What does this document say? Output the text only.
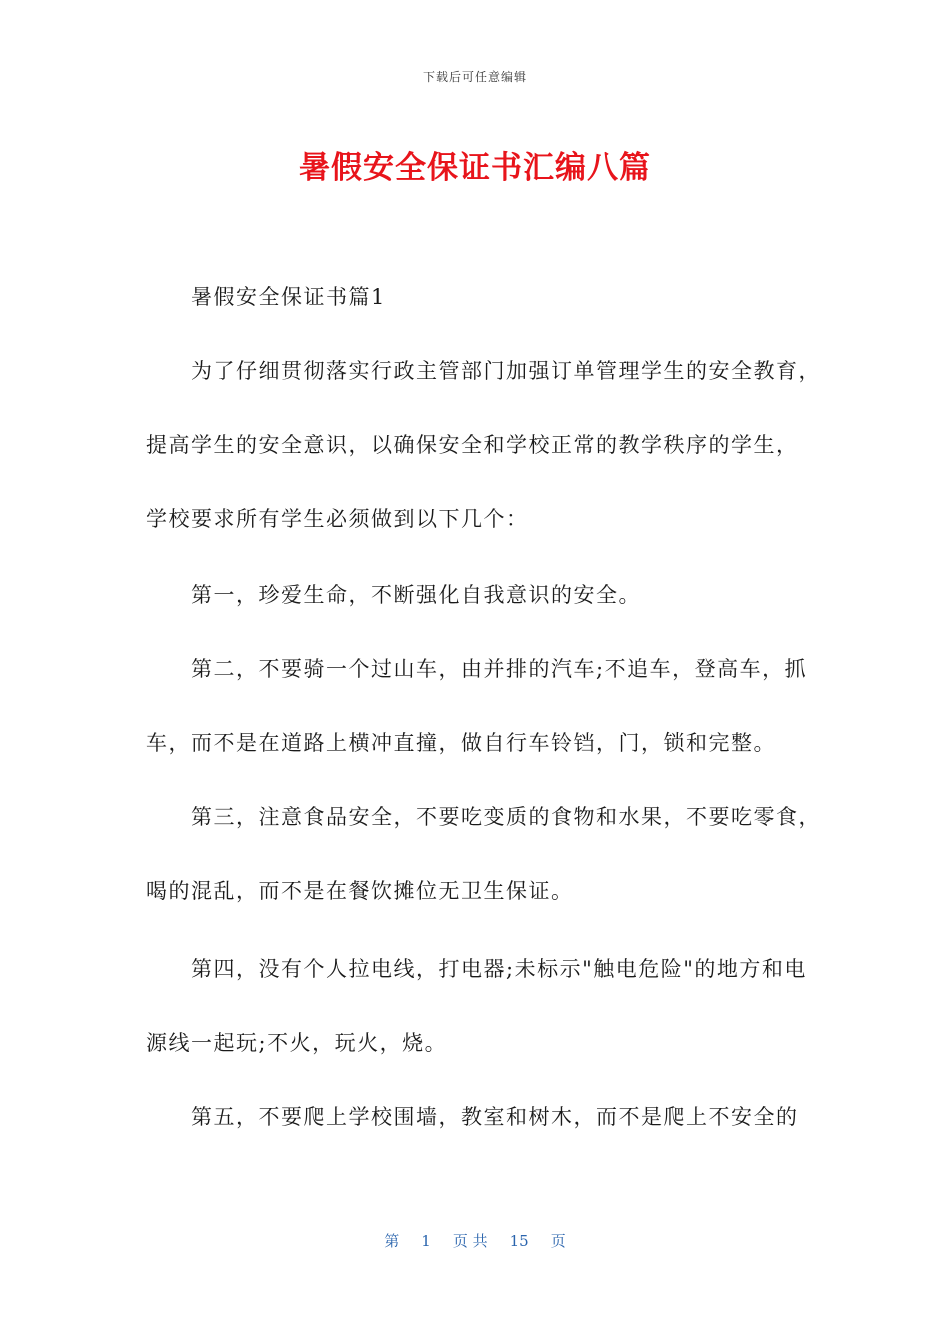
下载后可任意编辑
暑假安全保证书汇编八篇
暑假安全保证书篇1
为了仔细贯彻落实行政主管部门加强订单管理学生的安全教育，
提高学生的安全意识，以确保安全和学校正常的教学秩序的学生，
学校要求所有学生必须做到以下几个：
第一，珍爱生命，不断强化自我意识的安全。
第二，不要骑一个过山车，由并排的汽车;不追车，登高车，抓
车，而不是在道路上横冲直撞，做自行车铃铛，门，锁和完整。
第三，注意食品安全，不要吃变质的食物和水果，不要吃零食，
喝的混乱，而不是在餐饮摊位无卫生保证。
第四，没有个人拉电线，打电器;未标示"触电危险"的地方和电
源线一起玩;不火，玩火，烧。
第五，不要爬上学校围墙，教室和树木，而不是爬上不安全的
第 1 页 共 15 页
